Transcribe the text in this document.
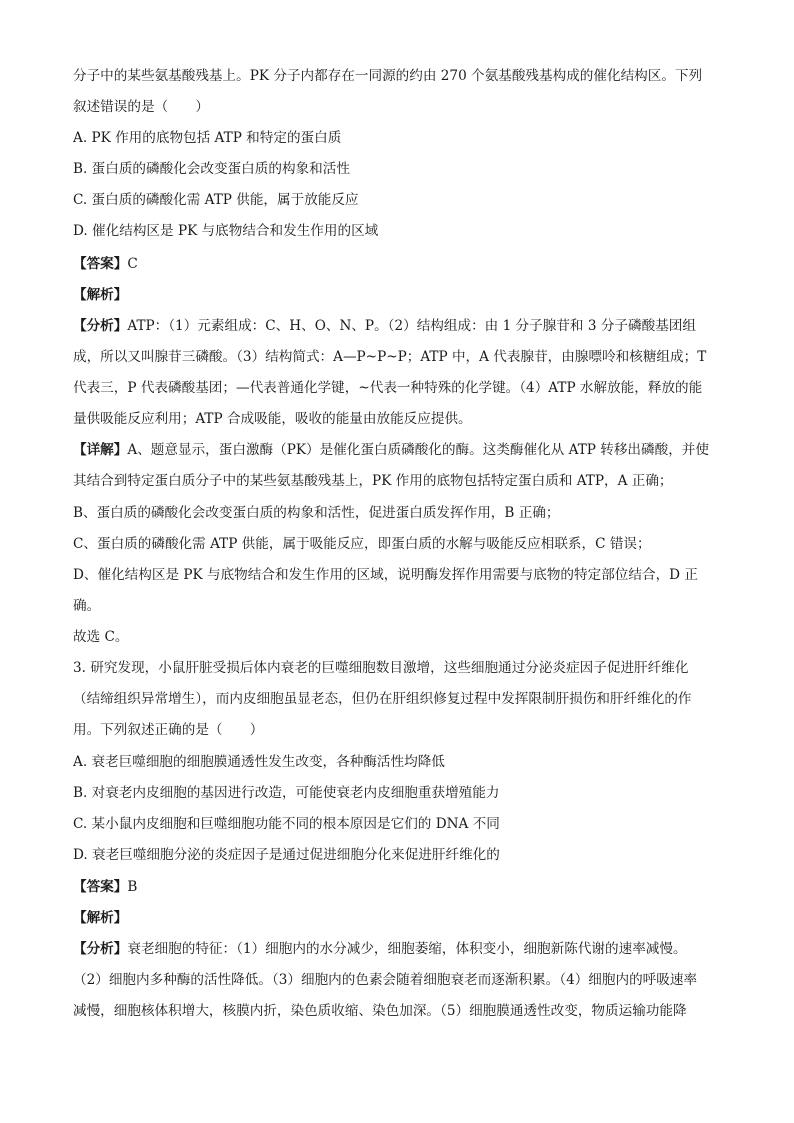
分子中的某些氨基酸残基上。PK 分子内都存在一同源的约由 270 个氨基酸残基构成的催化结构区。下列
叙述错误的是（　　）
A. PK 作用的底物包括 ATP 和特定的蛋白质
B. 蛋白质的磷酸化会改变蛋白质的构象和活性
C. 蛋白质的磷酸化需 ATP 供能，属于放能反应
D. 催化结构区是 PK 与底物结合和发生作用的区域
【答案】C
【解析】
【分析】ATP：（1）元素组成：C、H、O、N、P。（2）结构组成：由 1 分子腺苷和 3 分子磷酸基团组
成，所以又叫腺苷三磷酸。（3）结构简式：A—P~P~P；ATP 中，A 代表腺苷，由腺嘌呤和核糖组成；T
代表三，P 代表磷酸基团；—代表普通化学键，~代表一种特殊的化学键。（4）ATP 水解放能，释放的能
量供吸能反应利用；ATP 合成吸能，吸收的能量由放能反应提供。
【详解】A、题意显示，蛋白激酶（PK）是催化蛋白质磷酸化的酶。这类酶催化从 ATP 转移出磷酸，并使
其结合到特定蛋白质分子中的某些氨基酸残基上，PK 作用的底物包括特定蛋白质和 ATP，A 正确；
B、蛋白质的磷酸化会改变蛋白质的构象和活性，促进蛋白质发挥作用，B 正确；
C、蛋白质的磷酸化需 ATP 供能，属于吸能反应，即蛋白质的水解与吸能反应相联系，C 错误；
D、催化结构区是 PK 与底物结合和发生作用的区域，说明酶发挥作用需要与底物的特定部位结合，D 正
确。
故选 C。
3. 研究发现，小鼠肝脏受损后体内衰老的巨噬细胞数目激增，这些细胞通过分泌炎症因子促进肝纤维化
（结缔组织异常增生），而内皮细胞虽显老态，但仍在肝组织修复过程中发挥限制肝损伤和肝纤维化的作
用。下列叙述正确的是（　　）
A. 衰老巨噬细胞的细胞膜通透性发生改变，各种酶活性均降低
B. 对衰老内皮细胞的基因进行改造，可能使衰老内皮细胞重获增殖能力
C. 某小鼠内皮细胞和巨噬细胞功能不同的根本原因是它们的 DNA 不同
D. 衰老巨噬细胞分泌的炎症因子是通过促进细胞分化来促进肝纤维化的
【答案】B
【解析】
【分析】衰老细胞的特征：（1）细胞内的水分减少，细胞萎缩，体积变小，细胞新陈代谢的速率减慢。
（2）细胞内多种酶的活性降低。（3）细胞内的色素会随着细胞衰老而逐渐积累。（4）细胞内的呼吸速率
减慢，细胞核体积增大，核膜内折，染色质收缩、染色加深。（5）细胞膜通透性改变，物质运输功能降
